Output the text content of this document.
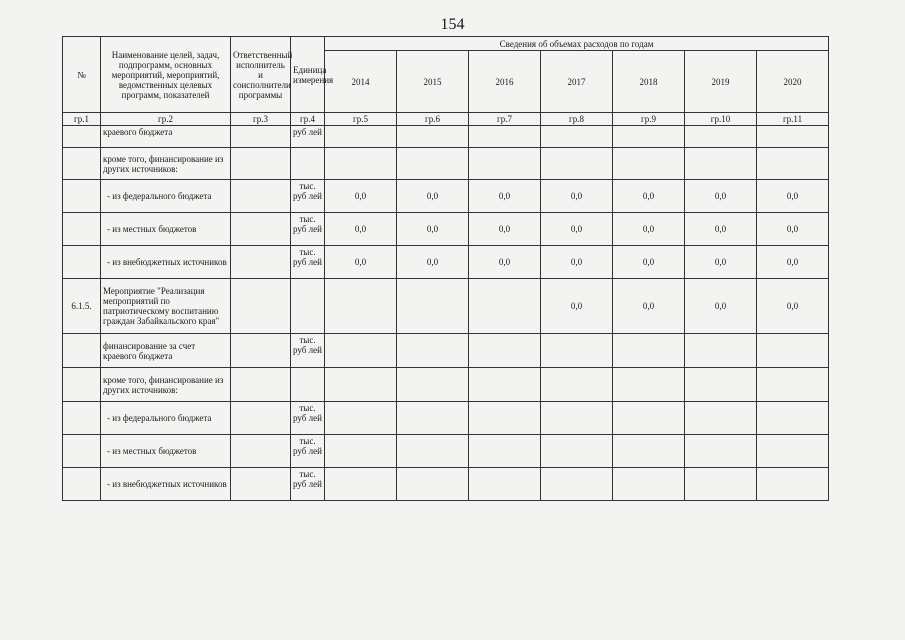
154
№	Наименование целей, задач, подпрограмм, основных мероприятий, мероприятий, ведомственных целевых программ, показателей	Ответственный исполнитель и соисполнители программы	Единица измерения	Сведения об объемах расходов по годам						
				2014	2015	2016	2017	2018	2019	2020
гр.1	гр.2	гр.3	гр.4	гр.5	гр.6	гр.7	гр.8	гр.9	гр.10	гр.11
	краевого бюджета		руб лей							
	кроме того, финансирование из других источников:									
	- из федерального бюджета		тыс. руб лей	0,0	0,0	0,0	0,0	0,0	0,0	0,0
	- из местных бюджетов		тыс. руб лей	0,0	0,0	0,0	0,0	0,0	0,0	0,0
	- из внебюджетных источников		тыс. руб лей	0,0	0,0	0,0	0,0	0,0	0,0	0,0
6.1.5.	Мероприятие "Реализация мепроприятий по патриотическому воспитанию граждан Забайкальского края"						0,0	0,0	0,0	0,0
	финансирование за счет краевого бюджета		тыс. руб лей							
	кроме того, финансирование из других источников:									
	- из федерального бюджета		тыс. руб лей							
	- из местных бюджетов		тыс. руб лей							
	- из внебюджетных источников		тыс. руб лей							
